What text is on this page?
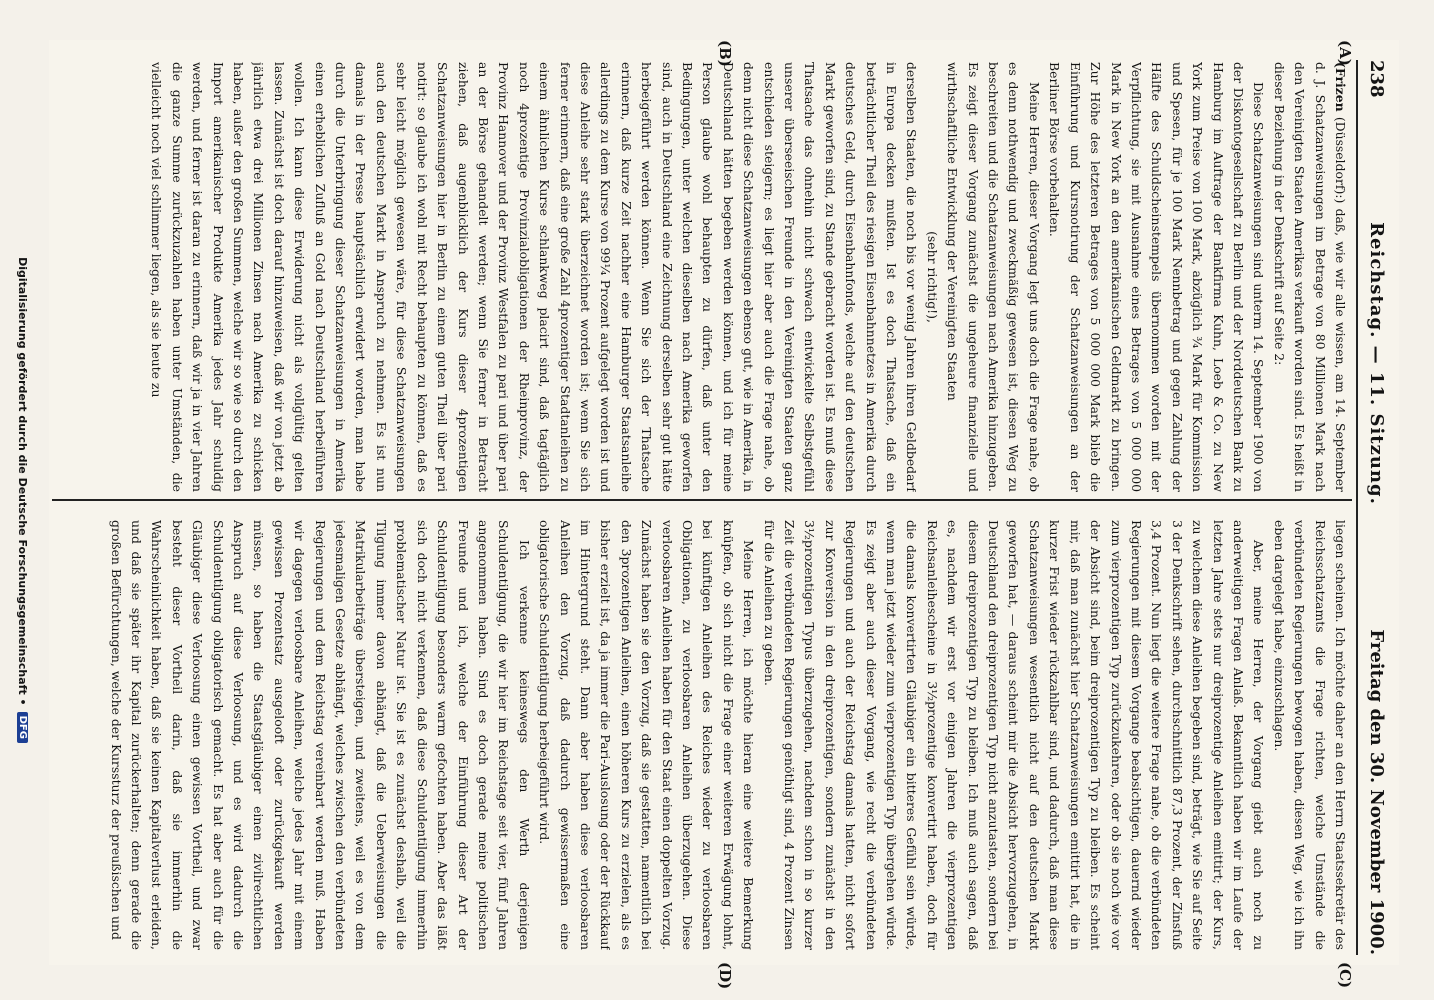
238
Reichstag. — 11. Sitzung.
Freitag den 30. November 1900.
(A)
(B)
(C)
(D)

(Frizen (Düsseldorf):) daß, wie wir alle wissen, am 14. September d. J. Schatzanweisungen im Betrage von 80 Millionen Mark nach den Vereinigten Staaten Amerikas verkauft worden sind. Es heißt in dieser Beziehung in der Denkschrift auf Seite 2:

Diese Schatzanweisungen sind unterm 14. September 1900 von der Diskontogesellschaft zu Berlin und der Norddeutschen Bank zu Hamburg im Auftrage der Bankfirma Kuhn, Loeb & Co. zu New York zum Preise von 100 Mark, abzüglich ¾ Mark für Kommission und Spesen, für je 100 Mark Nennbetrag und gegen Zahlung der Hälfte des Schuldscheinstempels übernommen worden mit der Verpflichtung, sie mit Ausnahme eines Betrages von 5 000 000 Mark in New York an den amerikanischen Geldmarkt zu bringen. Zur Höhe des letzteren Betrages von 5 000 000 Mark blieb die Einführung und Kursnotirung der Schatzanweisungen an der Berliner Börse vorbehalten.

Meine Herren, dieser Vorgang legt uns doch die Frage nahe, ob es denn nothwendig und zweckmäßig gewesen ist, diesen Weg zu beschreiten und die Schatzanweisungen nach Amerika hinzugeben. Es zeigt dieser Vorgang zunächst die ungeheure finanzielle und wirthschaftliche Entwicklung der Vereinigten Staaten

(sehr richtig!),

derselben Staaten, die noch bis vor wenig Jahren ihren Geldbedarf in Europa decken mußten. Ist es doch Thatsache, daß ein beträchtlicher Theil des riesigen Eisenbahnnetzes in Amerika durch deutsches Geld, durch Eisenbahnfonds, welche auf den deutschen Markt geworfen sind, zu Stande gebracht worden ist. Es muß diese Thatsache das ohnehin nicht schwach entwickelte Selbstgefühl unserer überseeischen Freunde in den Vereinigten Staaten ganz entschieden steigern; es liegt hier aber auch die Frage nahe, ob denn nicht diese Schatzanweisungen ebenso gut, wie in Amerika, in Deutschland hätten begeben werden können, und ich für meine Person glaube wohl behaupten zu dürfen, daß unter den Bedingungen, unter welchen dieselben nach Amerika geworfen sind, auch in Deutschland eine Zeichnung derselben sehr gut hätte herbeigeführt werden können. Wenn Sie sich der Thatsache erinnern, daß kurze Zeit nachher eine Hamburger Staatsanleihe allerdings zu dem Kurse von 99¼ Prozent aufgelegt worden ist und diese Anleihe sehr stark überzeichnet worden ist; wenn Sie sich ferner erinnern, daß eine große Zahl 4prozentiger Stadtanleihen zu einem ähnlichen Kurse schlankweg placirt sind, daß tagtäglich noch 4prozentige Provinzialobligationen der Rheinprovinz, der Provinz Hannover und der Provinz Westfalen zu pari und über pari an der Börse gehandelt werden; wenn Sie ferner in Betracht ziehen, daß augenblicklich der Kurs dieser 4prozentigen Schatzanweisungen hier in Berlin zu einem guten Theil über pari notirt: so glaube ich wohl mit Recht behaupten zu können, daß es sehr leicht möglich gewesen wäre, für diese Schatzanweisungen auch den deutschen Markt in Anspruch zu nehmen. Es ist nun damals in der Presse hauptsächlich erwidert worden, man habe durch die Unterbringung dieser Schatzanweisungen in Amerika einen erheblichen Zufluß an Gold nach Deutschland herbeiführen wollen. Ich kann diese Erwiderung nicht als vollgültig gelten lassen. Zunächst ist doch darauf hinzuweisen, daß wir von jetzt ab jährlich etwa drei Millionen Zinsen nach Amerika zu schicken haben, außer den großen Summen, welche wir so wie so durch den Import amerikanischer Produkte Amerika jedes Jahr schuldig werden, und ferner ist daran zu erinnern, daß wir ja in vier Jahren die ganze Summe zurückzuzahlen haben unter Umständen, die vielleicht noch viel schlimmer liegen, als sie heute zu

liegen scheinen. Ich möchte daher an den Herrn Staatssekretär des Reichsschatzamts die Frage richten, welche Umstände die verbündeten Regierungen bewogen haben, diesen Weg, wie ich ihn eben dargelegt habe, einzuschlagen.

Aber, meine Herren, der Vorgang giebt auch noch zu anderweitigen Fragen Anlaß. Bekanntlich haben wir im Laufe der letzten Jahre stets nur dreiprozentige Anleihen emittirt; der Kurs, zu welchem diese Anleihen begeben sind, beträgt, wie Sie auf Seite 3 der Denkschrift sehen, durchschnittlich 87,3 Prozent, der Zinsfuß 3,4 Prozent. Nun liegt die weitere Frage nahe, ob die verbündeten Regierungen mit diesem Vorgange beabsichtigen, dauernd wieder zum vierprozentigen Typ zurückzukehren, oder ob sie noch wie vor der Absicht sind, beim dreiprozentigen Typ zu bleiben. Es scheint mir, daß man zunächst hier Schatzanweisungen emittirt hat, die in kurzer Frist wieder rückzahlbar sind, und dadurch, daß man diese Schatzanweisungen wesentlich nicht auf den deutschen Markt geworfen hat, — daraus scheint mir die Absicht hervorzugehen, in Deutschland den dreiprozentigen Typ nicht anzutasten, sondern bei diesem dreiprozentigen Typ zu bleiben. Ich muß auch sagen, daß es, nachdem wir erst vor einigen Jahren die vierprozentigen Reichsanleihescheine in 3½prozentige konvertirt haben, doch für die damals konvertirten Gläubiger ein bitteres Gefühl sein würde, wenn man jetzt wieder zum vierprozentigen Typ übergehen würde. Es zeigt aber auch dieser Vorgang, wie recht die verbündeten Regierungen und auch der Reichstag damals hatten, nicht sofort zur Konversion in den dreiprozentigen, sondern zunächst in den 3½prozentigen Typus überzugehen, nachdem schon in so kurzer Zeit die verbündeten Regierungen genöthigt sind, 4 Prozent Zinsen für die Anleihen zu geben.

Meine Herren, ich möchte hieran eine weitere Bemerkung knüpfen, ob sich nicht die Frage einer weiteren Erwägung lohnt, bei künftigen Anleihen des Reiches wieder zu verloosbaren Obligationen, zu verloosbaren Anleihen überzugehen. Diese verloosbaren Anleihen haben für den Staat einen doppelten Vorzug. Zunächst haben sie den Vorzug, daß sie gestatten, namentlich bei den 3prozentigen Anleihen, einen höheren Kurs zu erzielen, als es bisher erzielt ist, da ja immer die Pari-Auslosung oder der Rückkauf im Hintergrund steht. Dann aber haben diese verloosbaren Anleihen den Vorzug, daß dadurch gewissermaßen eine obligatorische Schuldentilgung herbeigeführt wird.

Ich verkenne keineswegs den Werth derjenigen Schuldentilgung, die wir hier im Reichstage seit vier, fünf Jahren angenommen haben. Sind es doch gerade meine politischen Freunde und ich, welche der Einführung dieser Art der Schuldentilgung besonders warm gefochten haben. Aber das läßt sich doch nicht verkennen, daß diese Schuldentilgung immerhin problematischer Natur ist. Sie ist es zunächst deshalb, weil die Tilgung immer davon abhängt, daß die Ueberweisungen die Matrikularbeiträge übersteigen, und zweitens, weil es von dem jedesmaligen Gesetze abhängt, welches zwischen den verbündeten Regierungen und dem Reichstag vereinbart werden muß. Haben wir dagegen verloosbare Anleihen, welche jedes Jahr mit einem gewissen Prozentsatz ausgelooft oder zurückgekauft werden müssen, so haben die Staatsgläubiger einen zivilrechtlichen Anspruch auf diese Verloosung, und es wird dadurch die Schuldentilgung obligatorisch gemacht. Es hat aber auch für die Gläubiger diese Verloosung einen gewissen Vortheil, und zwar besteht dieser Vortheil darin, daß sie immerhin die Wahrscheinlichkeit haben, daß sie keinen Kapitalverlust erleiden, und daß sie später ihr Kapital zurückerhalten; denn gerade die großen Befürchtungen, welche der Kurssturz der preußischen und

Digitalisierung gefördert durch die Deutsche Forschungsgemeinschaft •
DFG
